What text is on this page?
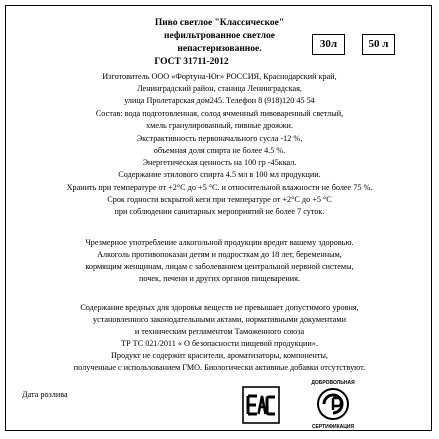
Пиво светлое "Классическое"
нефильтрованное светлое
непастеризованное.
ГОСТ 31711-2012
30л	50 л
Изготовитель ООО «Фортуна-Юг» РОССИЯ, Краснодарский край,
Ленинградский район, станица Ленинградская,
улица Пролетарская дом245. Телефон 8 (918)120 45 54
Состав: вода подготовленная, солод ячменный пивоваренный светлый,
хмель гранулированный, пивные дрожжи.
Экстрактивность первоначального сусла -12 %,
объемная доля спирта не более 4.5 %.
Энергетическая ценность на 100 гр -45ккал.
Содержание этилового спирта 4.5 мл в 100 мл продукции.
Хранить при температуре от +2°С до +5 °С. и относительной влажности не более 75 %.
Срок годности вскрытой кеги при температуре от +2°С до +5 °С
при соблюдении санитарных мероприятий не более 7 суток.
Чрезмерное употребление алкогольной продукции вредит вашему здоровью.
Алкоголь противопоказан детям и подросткам до 18 лет, беременным,
кормящим женщинам, лицам с заболеванием центральной нервной системы,
почек, печени и других органов пищеварения.
Содержание вредных для здоровья веществ не превышает допустимого уровня,
установленного законодательными актами, нормативными документами
и техническим регламентом Таможенного союза
ТР ТС 021/2011 « О безопасности пищевой продукции».
Продукт не содержит красители, ароматизаторы, компоненты,
полученные с использованием ГМО. Биологически активные добавки отсутствуют.
Дата розлива
ДОБРОВОЛЬНАЯ
СЕРТИФИКАЦИЯ
